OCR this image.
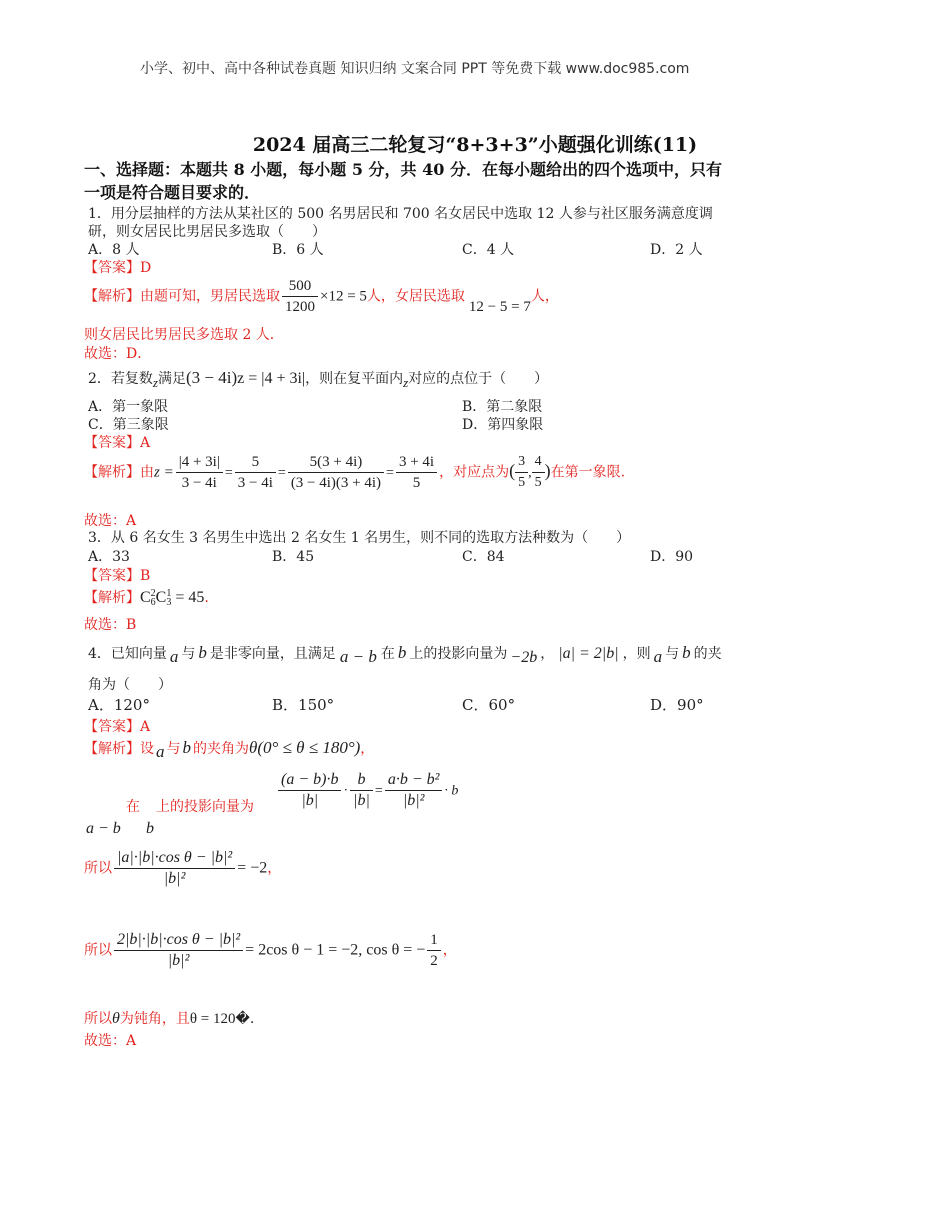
小学、初中、高中各种试卷真题 知识归纳 文案合同 PPT 等免费下载 www.doc985.com
2024 届高三二轮复习“8+3+3”小题强化训练(11)
一、选择题：本题共 8 小题，每小题 5 分，共 40 分．在每小题给出的四个选项中，只有
一项是符合题目要求的．
1．用分层抽样的方法从某社区的 500 名男居民和 700 名女居民中选取 12 人参与社区服务满意度调
研，则女居民比男居民多选取（　　）
A．8 人	B．6 人	C．4 人	D．2 人
【答案】D
【解析】由题可知，男居民选取 $\frac{500}{1200} \times 12 = 5$人，女居民选取12 − 5 = 7人，
则女居民比男居民多选取 2 人．
故选：D．
2．若复数z满足(3 − 4i)z = |4 + 3i|，则在复平面内z对应的点位于（　　）
A．第一象限	B．第二象限
C．第三象限	D．第四象限
【答案】A
【解析】由$z = \frac{|4 + 3i|}{3 - 4i} = \frac{5}{3 - 4i} = \frac{5(3 + 4i)}{(3 - 4i)(3 + 4i)} = \frac{3 + 4i}{5}$ ，对应点为( $\frac{3}{5}$ , $\frac{4}{5}$ )在第一象限.
故选：A
3．从 6 名女生 3 名男生中选出 2 名女生 1 名男生，则不同的选取方法种数为（　　）
A．33	B．45	C．84	D．90
【答案】B
【解析】C 2
6 C 1
3 = 45.
故选：B
4．已知向量 a 与 b 是非零向量，且满足 a − b 在 b 上的投影向量为 −2b ， |a| = 2|b| ，则 a 与 b 的夹
角为（　　）
A．120°	B．150°	C．60°	D．90°
【答案】A
【解析】设 a 与 b 的夹角为θ(0° ≤ θ ≤ 180°)，
在 上的投影向量为 $\frac{(a - b)\cdot b}{|b|} \cdot \frac{b}{|b|} = \frac{\text{a·b − b²}}{\text{|b|²}} \cdot b$
a − b b
所以 $\frac{\text{|a|·|b|·cos θ − |b|²}}{\text{|b|²}} = -2$，
所以 $\frac{\text{2|b|·|b|·cos θ − |b|²}}{\text{|b|²}} = 2\cos$ θ − 1 = −2, cos θ = − $\frac{1}{2}$ ，
所以θ为钝角，且θ = 120�.
故选：A
